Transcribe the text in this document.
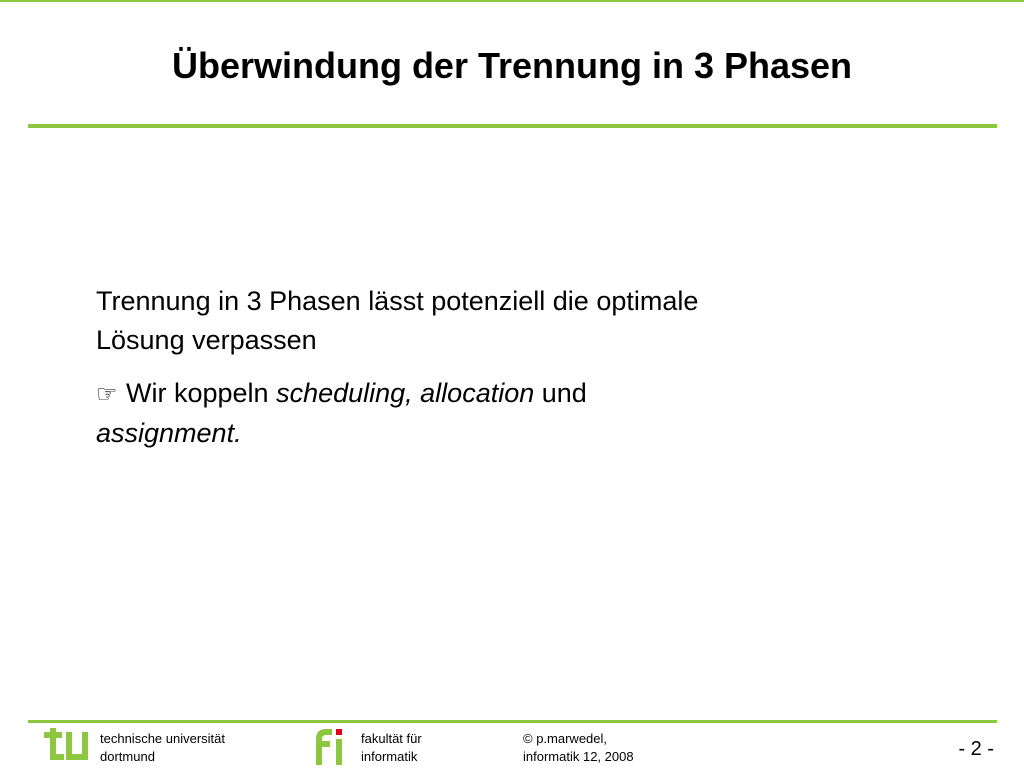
Überwindung der Trennung in 3 Phasen

Trennung in 3 Phasen lässt potenziell die optimale
Lösung verpassen

☞ Wir koppeln scheduling, allocation und
assignment.

technische universität
dortmund
fakultät für
informatik
© p.marwedel,
informatik 12, 2008	- 2 -
